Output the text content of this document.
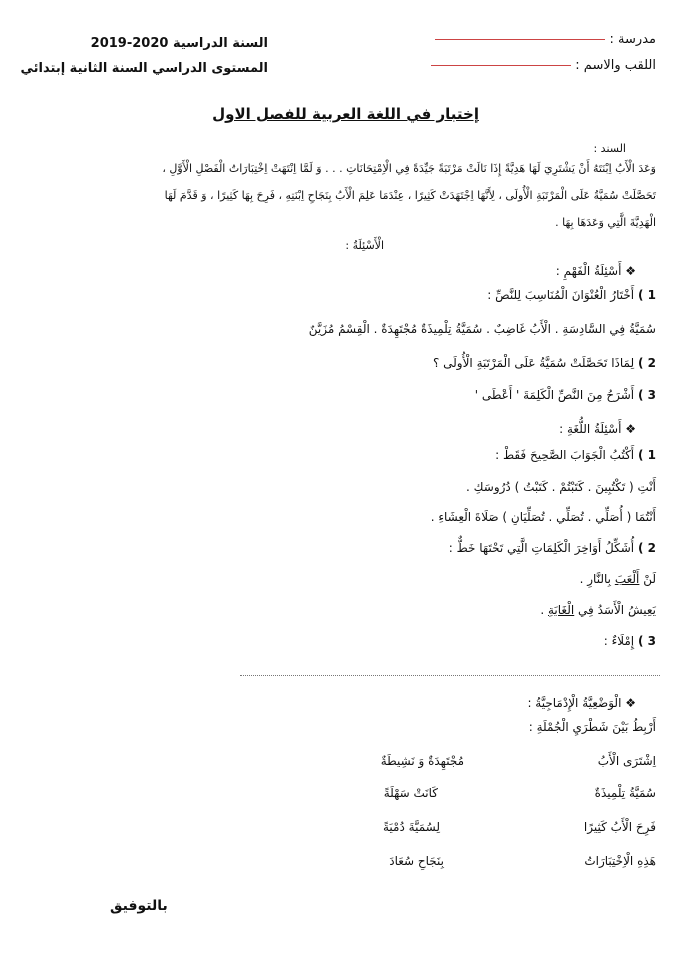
مدرسة :
اللقب والاسم :
السنة الدراسية 2019-2020
المستوى الدراسي السنة الثانية إبتدائي
إختبار في اللغة العربية للفصل الاول
السند :
وَعَدَ الْأَبُ اِبْنَتَهُ أَنْ يَشْتَرِيَ لَهَا هَدِيَّةً إِذَا نَالَتْ مَرْتَبَةً جَيِّدَةً فِي الْاِمْتِحَانَاتِ . . . وَ لَمَّا اِنْتَهَتْ اِخْتِبَارَاتُ الْفَصْلِ الْأَوَّلِ ،
تَحَصَّلَتْ سُمَيَّةُ عَلَى الْمَرْتَبَةِ الْأُولَى ، لِأَنَّهَا اِجْتَهَدَتْ كَثِيرًا ، عِنْدَمَا عَلِمَ الْأَبُ بِنَجَاحِ اِبْنَتِهِ ، فَرِحَ بِهَا كَثِيرًا ، وَ قَدَّمَ لَهَا
الْهَدِيَّةَ الَّتِي وَعَدَهَا بِهَا .
الْأَسْئِلَةُ :
❖ أَسْئِلَةُ الْفَهْمِ :
1 ) أَخْتَارُ الْعُنْوَانَ الْمُنَاسِبَ لِلنَّصِّ :
سُمَيَّةُ فِي السَّادِسَةِ . الْأَبُ غَاضِبٌ . سُمَيَّةُ تِلْمِيذَةٌ مُجْتَهِدَةٌ . الْقِسْمُ مُزَيَّنٌ
2 ) لِمَاذَا تَحَصَّلَتْ سُمَيَّةُ عَلَى الْمَرْتَبَةِ الْأُولَى ؟
3 ) أَشْرَحُ مِنَ النَّصِّ الْكَلِمَةَ ' أَعْطَى '
❖ أَسْئِلَةُ اللُّغَةِ :
1 ) أَكْتُبُ الْجَوَابَ الصَّحِيحَ فَقَطْ :
أَنْتِ ( تَكْتُبِينَ . كَتَبْتُمْ . كَتَبْتُ ) دُرُوسَكِ .
أَنْتُمَا ( أُصَلِّي . تُصَلِّي . تُصَلِّيَانِ ) صَلَاةَ الْعِشَاءِ .
2 ) أُشَكِّلُ أَوَاخِرَ الْكَلِمَاتِ الَّتِي تَحْتَهَا خَطٌّ :
لَنْ أَلْعَبَ بِالنَّارِ .
يَعِيشُ الْأَسَدُ فِي الْغَابَةِ .
3 ) إِمْلَاءٌ :
❖ الْوَضْعِيَّةُ الْإِدْمَاجِيَّةُ :
أَرْبِطُ بَيْنَ شَطْرَيِ الْجُمْلَةِ :
اِشْتَرَى الْأَبُ
سُمَيَّةُ تِلْمِيذَةٌ
فَرِحَ الْأَبُ كَثِيرًا
هَذِهِ الْاِخْتِبَارَاتُ
مُجْتَهِدَةٌ وَ نَشِيطَةٌ
كَانَتْ سَهْلَةً
لِسُمَيَّةَ دُمْيَةً
بِنَجَاحِ سُعَادَ
بالتوفيق
